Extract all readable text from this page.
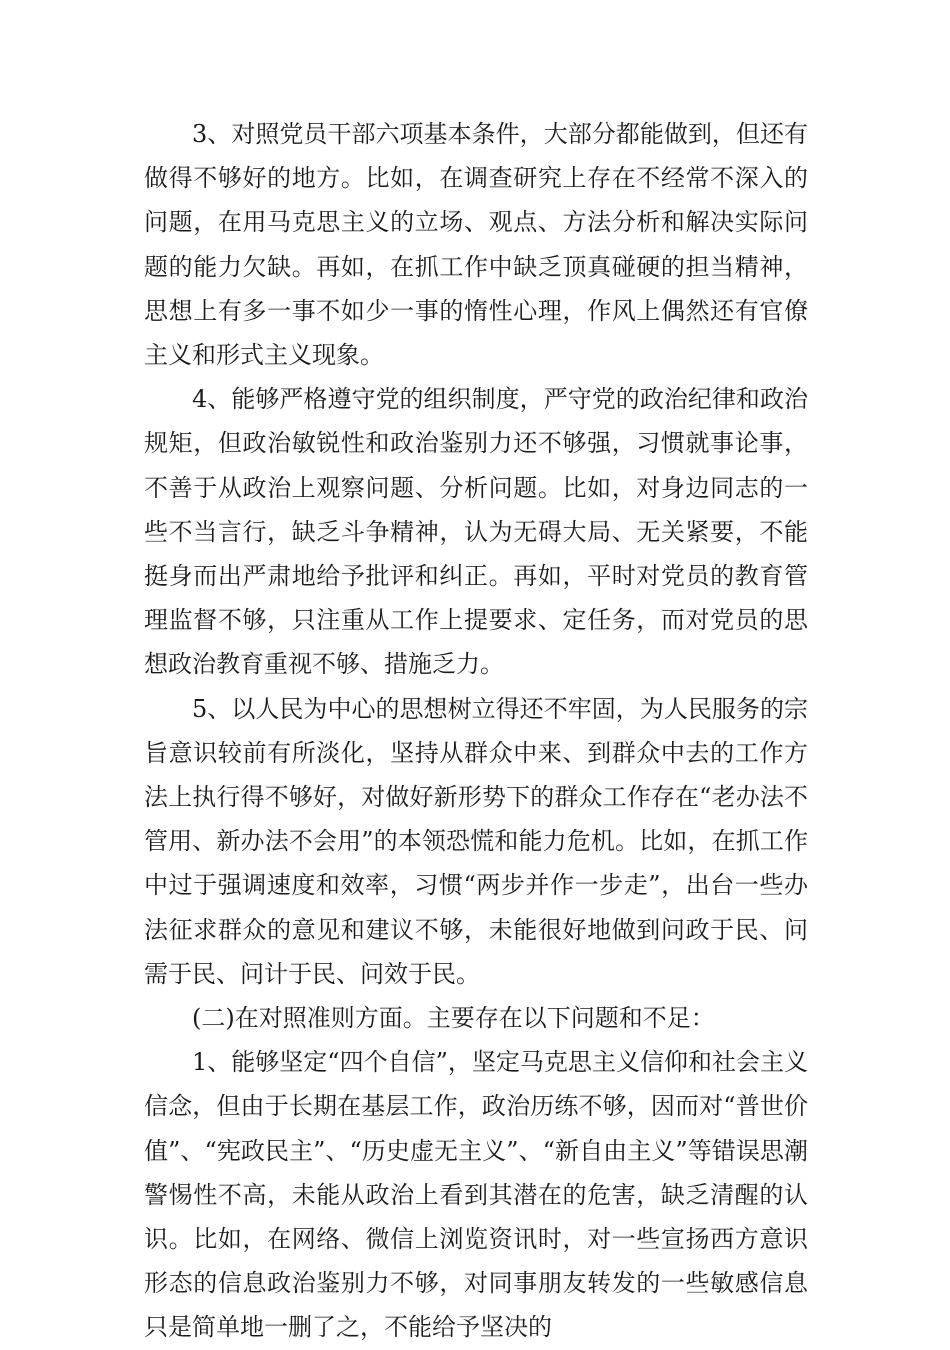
3、对照党员干部六项基本条件，大部分都能做到，但还有做得不够好的地方。比如，在调查研究上存在不经常不深入的问题，在用马克思主义的立场、观点、方法分析和解决实际问题的能力欠缺。再如，在抓工作中缺乏顶真碰硬的担当精神，思想上有多一事不如少一事的惰性心理，作风上偶然还有官僚主义和形式主义现象。

4、能够严格遵守党的组织制度，严守党的政治纪律和政治规矩，但政治敏锐性和政治鉴别力还不够强，习惯就事论事，不善于从政治上观察问题、分析问题。比如，对身边同志的一些不当言行，缺乏斗争精神，认为无碍大局、无关紧要，不能挺身而出严肃地给予批评和纠正。再如，平时对党员的教育管理监督不够，只注重从工作上提要求、定任务，而对党员的思想政治教育重视不够、措施乏力。

5、以人民为中心的思想树立得还不牢固，为人民服务的宗旨意识较前有所淡化，坚持从群众中来、到群众中去的工作方法上执行得不够好，对做好新形势下的群众工作存在“老办法不管用、新办法不会用”的本领恐慌和能力危机。比如，在抓工作中过于强调速度和效率，习惯“两步并作一步走”，出台一些办法征求群众的意见和建议不够，未能很好地做到问政于民、问需于民、问计于民、问效于民。

(二)在对照准则方面。主要存在以下问题和不足：

1、能够坚定“四个自信”，坚定马克思主义信仰和社会主义信念，但由于长期在基层工作，政治历练不够，因而对“普世价值”、“宪政民主”、“历史虚无主义”、“新自由主义”等错误思潮警惕性不高，未能从政治上看到其潜在的危害，缺乏清醒的认识。比如，在网络、微信上浏览资讯时，对一些宣扬西方意识形态的信息政治鉴别力不够，对同事朋友转发的一些敏感信息只是简单地一删了之，不能给予坚决的
